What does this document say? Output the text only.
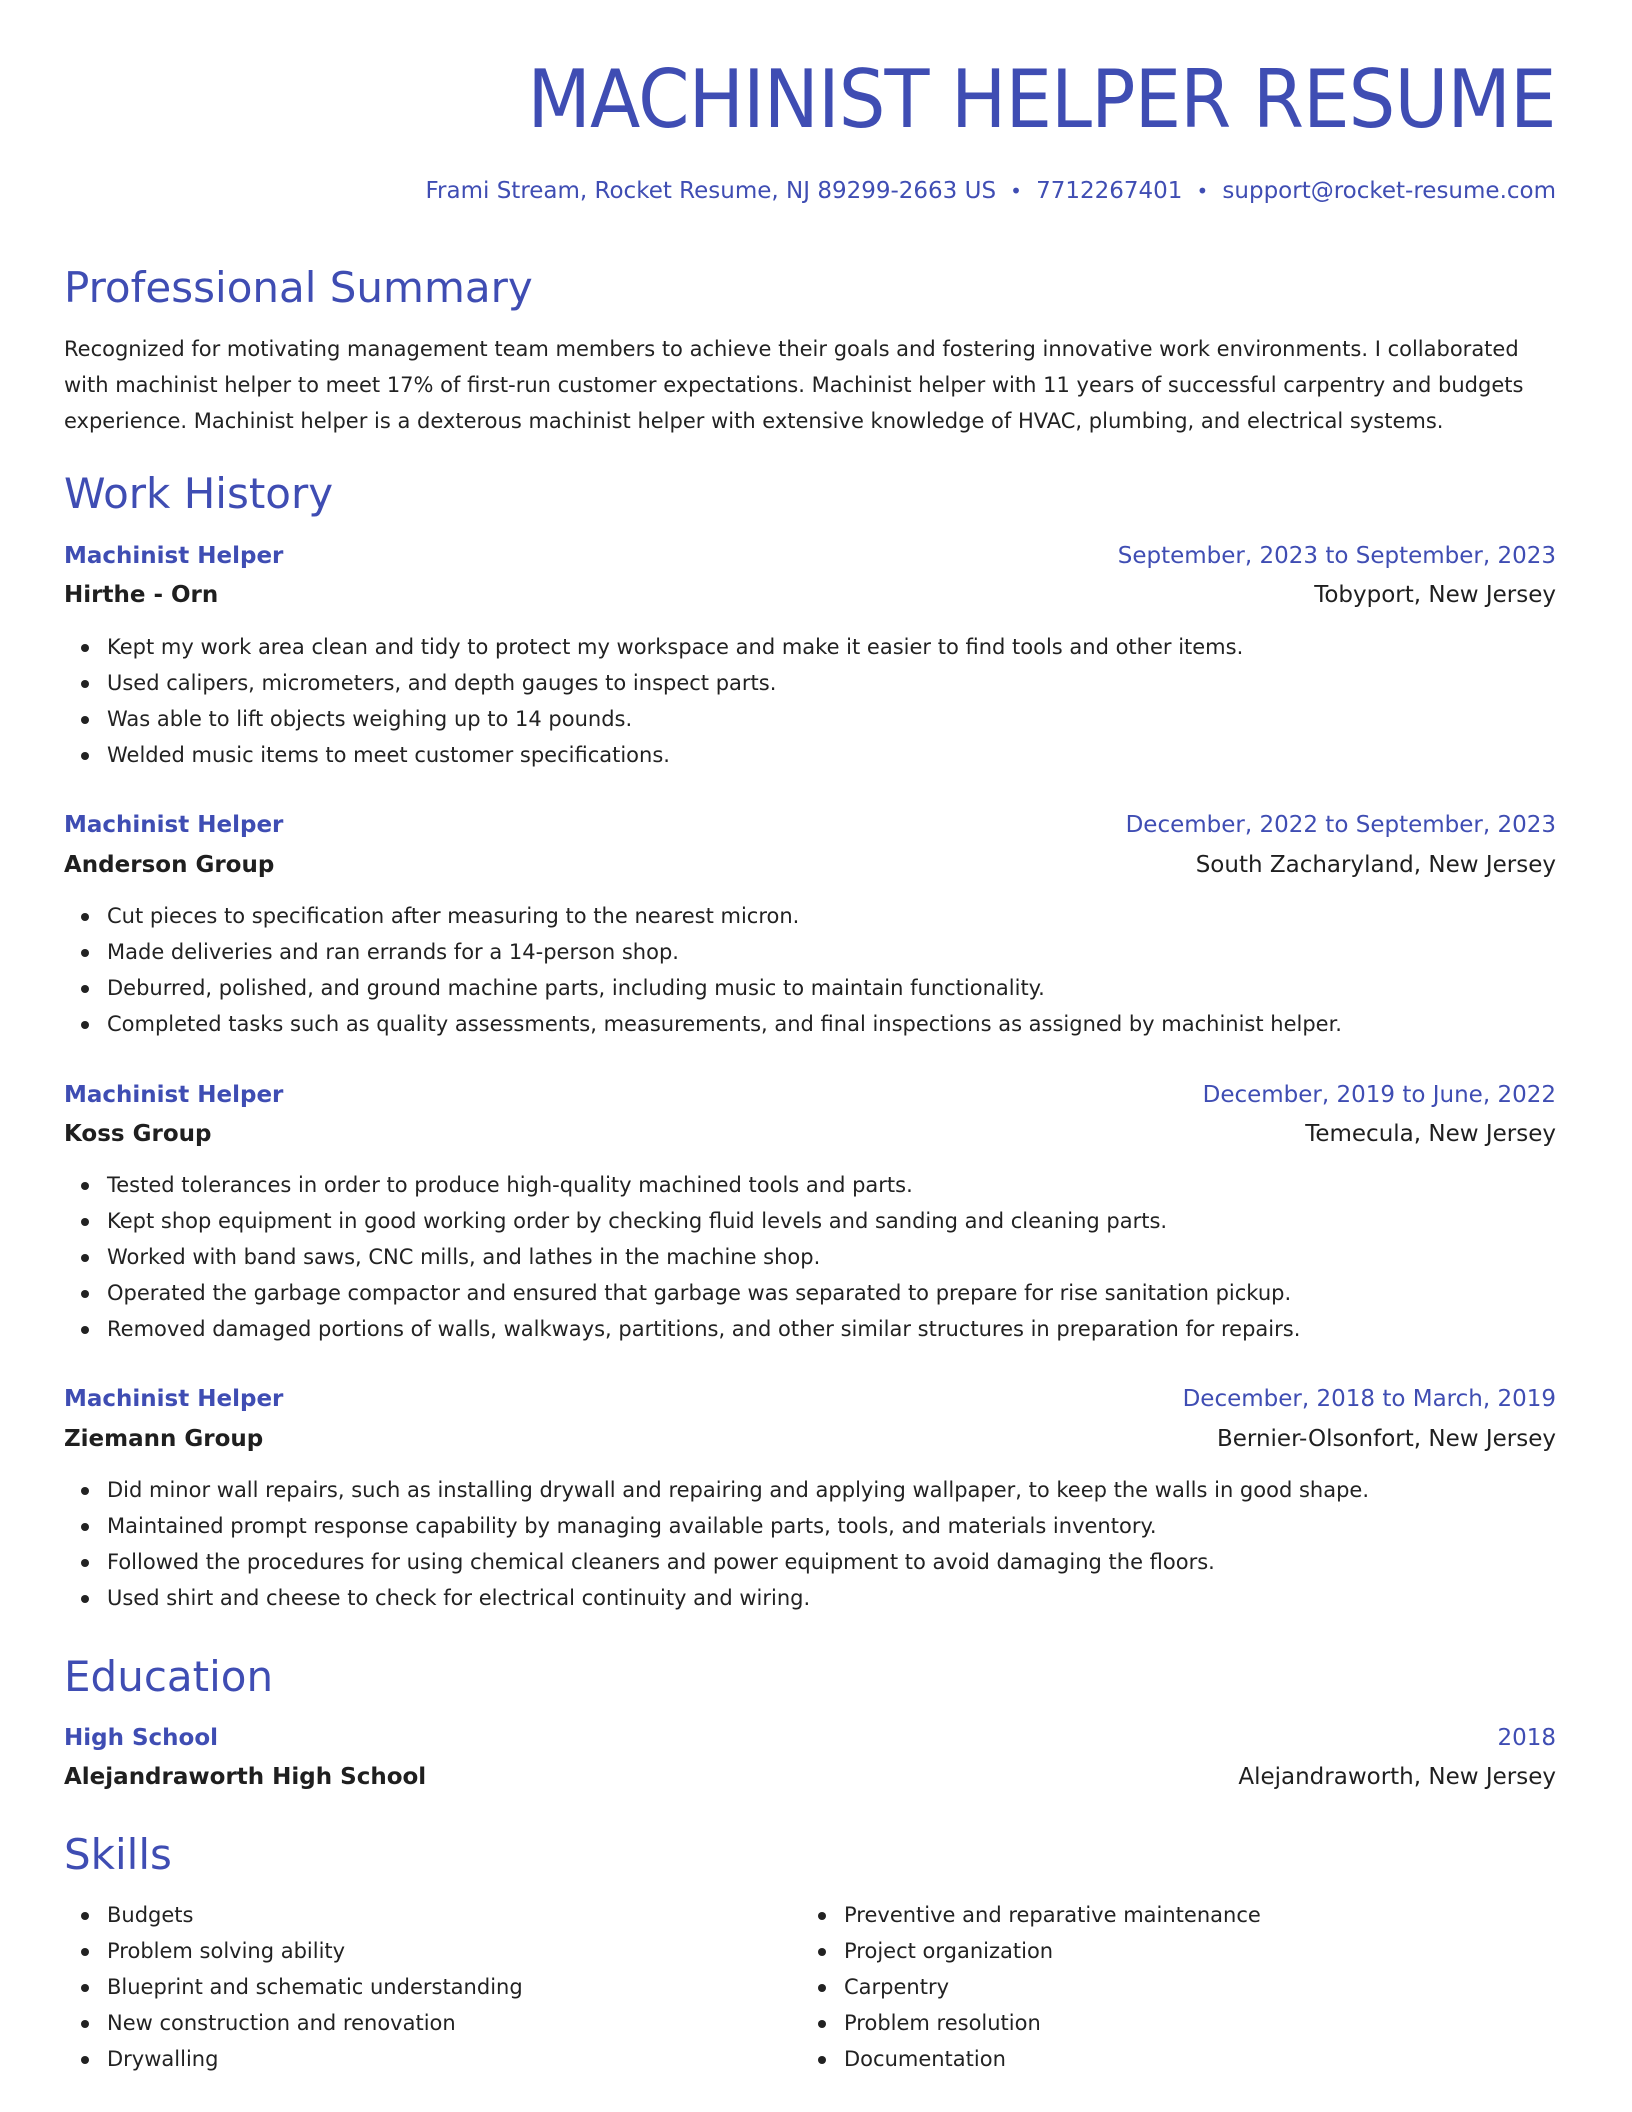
MACHINIST HELPER RESUME
Frami Stream, Rocket Resume, NJ 89299-2663 US • 7712267401 • support@rocket-resume.com
Professional Summary

Recognized for motivating management team members to achieve their goals and fostering innovative work environments. I collaborated with machinist helper to meet 17% of first-run customer expectations. Machinist helper with 11 years of successful carpentry and budgets experience. Machinist helper is a dexterous machinist helper with extensive knowledge of HVAC, plumbing, and electrical systems.

Work History
Machinist Helper	September, 2023 to September, 2023
Hirthe - Orn	Tobyport, New Jersey
Kept my work area clean and tidy to protect my workspace and make it easier to find tools and other items.
Used calipers, micrometers, and depth gauges to inspect parts.
Was able to lift objects weighing up to 14 pounds.
Welded music items to meet customer specifications.
Machinist Helper	December, 2022 to September, 2023
Anderson Group	South Zacharyland, New Jersey
Cut pieces to specification after measuring to the nearest micron.
Made deliveries and ran errands for a 14-person shop.
Deburred, polished, and ground machine parts, including music to maintain functionality.
Completed tasks such as quality assessments, measurements, and final inspections as assigned by machinist helper.
Machinist Helper	December, 2019 to June, 2022
Koss Group	Temecula, New Jersey
Tested tolerances in order to produce high-quality machined tools and parts.
Kept shop equipment in good working order by checking fluid levels and sanding and cleaning parts.
Worked with band saws, CNC mills, and lathes in the machine shop.
Operated the garbage compactor and ensured that garbage was separated to prepare for rise sanitation pickup.
Removed damaged portions of walls, walkways, partitions, and other similar structures in preparation for repairs.
Machinist Helper	December, 2018 to March, 2019
Ziemann Group	Bernier-Olsonfort, New Jersey
Did minor wall repairs, such as installing drywall and repairing and applying wallpaper, to keep the walls in good shape.
Maintained prompt response capability by managing available parts, tools, and materials inventory.
Followed the procedures for using chemical cleaners and power equipment to avoid damaging the floors.
Used shirt and cheese to check for electrical continuity and wiring.
Education
High School	2018
Alejandraworth High School	Alejandraworth, New Jersey
Skills
Budgets
Problem solving ability
Blueprint and schematic understanding
New construction and renovation
Drywalling
Preventive and reparative maintenance
Project organization
Carpentry
Problem resolution
Documentation
